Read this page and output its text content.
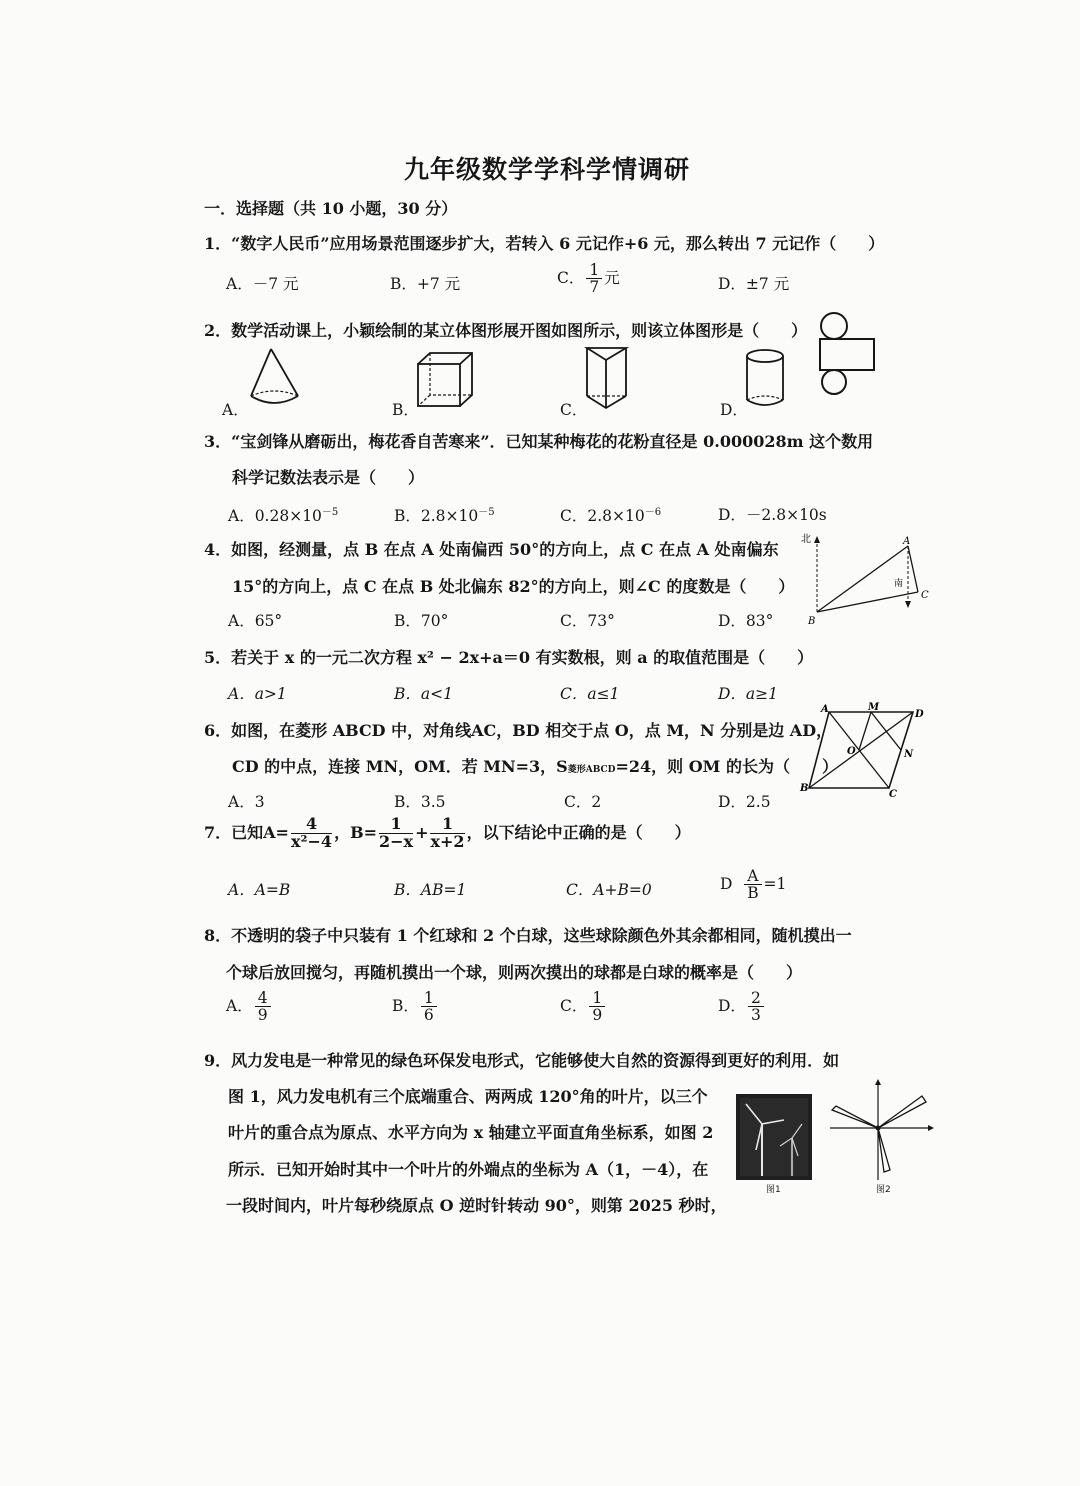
九年级数学学科学情调研
一．选择题（共 10 小题，30 分）
1．“数字人民币”应用场景范围逐步扩大，若转入 6 元记作+6 元，那么转出 7 元记作（　　）
A．－7 元	B．+7 元	C． $\frac{1}{7}$ 元	D．±7 元
2．数学活动课上，小颖绘制的某立体图形展开图如图所示，则该立体图形是（　　）
A．	B．	C．	D．
3．“宝剑锋从磨砺出，梅花香自苦寒来”．已知某种梅花的花粉直径是 0.000028m 这个数用
科学记数法表示是（　　）
A．$0.28\times 10^{-5}$	B．$2.8\times 10^{-5}$	C．$2.8\times 10^{-6}$	D．－2.8×10s
4．如图，经测量，点 B 在点 A 处南偏西 50°的方向上，点 C 在点 A 处南偏东
15°的方向上，点 C 在点 B 处北偏东 82°的方向上，则∠C 的度数是（　　）
A．65°	B．70°	C．73°	D．83°
北
南
A
B
C
5．若关于 x 的一元二次方程 x² − 2x+a＝0 有实数根，则 a 的取值范围是（　　）
A．a>1	B．a<1	C．a≤1	D．a≥1
6．如图，在菱形 ABCD 中，对角线AC，BD 相交于点 O，点 M，N 分别是边 AD，
CD 的中点，连接 MN，OM．若 MN=3，S菱形ABCD=24，则 OM 的长为（　　）
A．3	B．3.5	C．2	D．2.5
A	M
D
O	N
B
C
7．已知$A= \frac{4}{\text{x²−4}}$ ，$B= \frac{1}{2-x} + \frac{1}{x+2}$ ，以下结论中正确的是（　　）
A．A=B	B．AB=1	C．A+B=0	D $\frac{A}{B} =1$
8．不透明的袋子中只装有 1 个红球和 2 个白球，这些球除颜色外其余都相同，随机摸出一
个球后放回搅匀，再随机摸出一个球，则两次摸出的球都是白球的概率是（　　）
A． $\frac{4}{9}$	B． $\frac{1}{6}$	C． $\frac{1}{9}$	D． $\frac{2}{3}$
9．风力发电是一种常见的绿色环保发电形式，它能够使大自然的资源得到更好的利用．如
图 1，风力发电机有三个底端重合、两两成 120°角的叶片，以三个
叶片的重合点为原点、水平方向为 x 轴建立平面直角坐标系，如图 2
所示．已知开始时其中一个叶片的外端点的坐标为 A（1，－4），在
一段时间内，叶片每秒绕原点 O 逆时针转动 90°，则第 2025 秒时，
图1	图2
